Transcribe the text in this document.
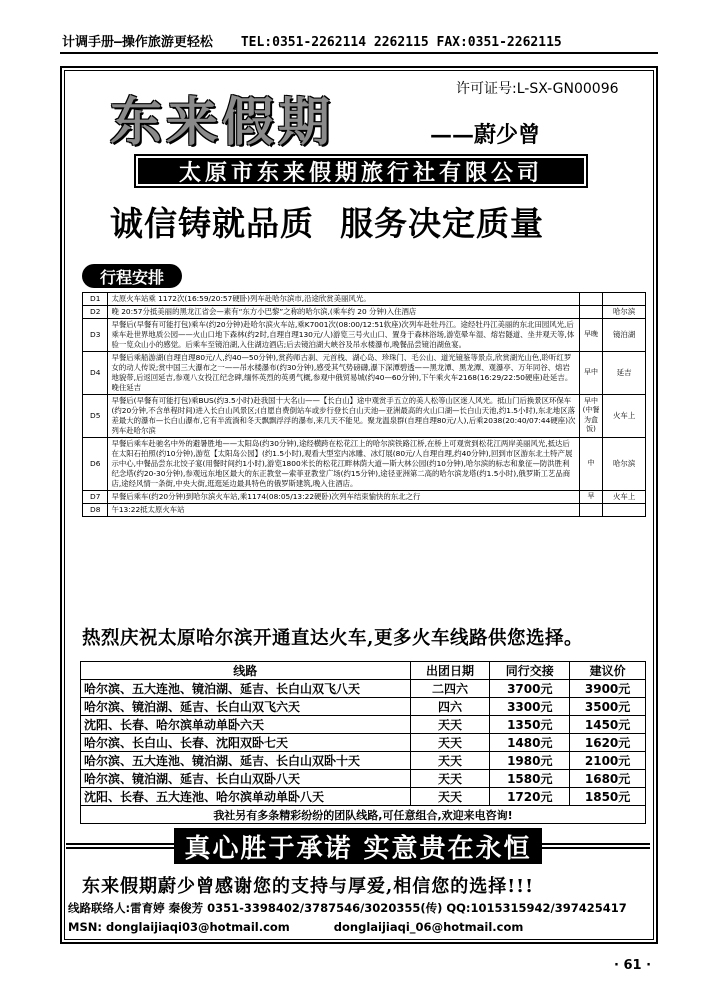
计调手册—操作旅游更轻松 TEL:0351-2262114 2262115 FAX:0351-2262115
许可证号:L-SX-GN00096
东来假期	——蔚少曾
太原市东来假期旅行社有限公司
诚信铸就品质 服务决定质量
行程安排
D1	太原火车站乘 1172次(16:59/20:57硬卧)列车赴哈尔滨市,沿途欣赏美丽风光。		
D2	晚 20:57分抵美丽的黑龙江省会—素有“东方小巴黎”之称的哈尔滨,(乘车约 20 分钟)入住酒店		哈尔滨
D3	早餐后(早餐有可能打包)乘车(约20分钟)赴哈尔滨火车站,乘K7001次(08:00/12:51软座)次列车赴牡丹江。途经牡丹江美丽的东北田园风光,后乘车赴世界地质公园——火山口地下森林(约2时,自理自理130元/人)游览三号火山口、置身于森林浴场,游览晕车湿、熔岩隧道、坐井观天等,体验一览众山小的感觉。后乘车至镜泊湖,入住湖边酒店;后去镜泊湖大峡谷及吊水楼瀑布,晚餐品尝镜泊湖鱼宴。	早晚	镜泊湖
D4	早餐后乘船游湖(自理自理80元/人,约40—50分钟),赏药师古刹、元首栈、湖心岛、珍珠门、毛公山、道光镜鉴等景点,欣赏湖光山色,聆听红罗女的动人传说;赏中国三大瀑布之一——吊水楼瀑布(约30分钟),感受其气势磅礴,瀑下深潭碧透——黑龙潭、黑龙潭、观瀑亭、万年同谷、熔岩地貌带,后返回延吉,参观八女投江纪念碑,缅怀英烈的英勇气概,参观中俄贸易城(约40—60分钟),下午乘火车2168(16:29/22:50硬座)赴延吉。晚住延吉	早中	延吉
D5	早餐后(早餐有可能打包)乘BUS(约3.5小时)赴我国十大名山——【长白山】途中观赏手五立的美人松等山区迷人风光。抵山门后换景区环保车(约20分钟,不含单程时间)进入长白山风景区;(自愿自费倒站车或步行登长白山天池—亚洲最高的火山口湖—长白山天池,约1.5小时),东北地区落差最大的瀑布—长白山瀑布,它有半流淌和冬天飘飘浮浮的瀑布,来几天不能见。聚龙温泉群(自理自理80元/人),后乘2038(20:40/07:44硬座)次列车赴哈尔滨	早中(中餐为盒饭)	火车上
D6	早餐后乘车赴驰名中外的避暑胜地——太阳岛(约30分钟),途经横跨在松花江上的哈尔滨铁路江桥,在桥上可观赏到松花江两岸美丽风光,抵达后在太阳石拍照(约10分钟),游览【太阳岛公园】(约1.5小时),观看大型室内冰雕、冰灯展(80元/人自理自理,约40分钟),回到市区游东北土特产展示中心,中餐品尝东北饺子宴(用餐时间约1小时),游览1800米长的松花江畔林荫大道—斯大林公园(约10分钟),哈尔滨的标志和象征—防洪胜利纪念塔(约20-30分钟),参观远东地区最大的东正教堂—索菲亚教堂广场(约15分钟),途径亚洲第二高的哈尔滨龙塔(约1.5小时),俄罗斯工艺品商店,途经风情一条街,中央大街,逛逛延边最具特色的俄罗斯建筑,晚入住酒店。	中	哈尔滨
D7	早餐后乘车(约20分钟)到哈尔滨火车站,乘1174(08:05/13:22硬卧)次列车结束愉快的东北之行	早	火车上
D8	午13:22抵太原火车站		
热烈庆祝太原哈尔滨开通直达火车,更多火车线路供您选择。
线路	出团日期	同行交接	建议价
哈尔滨、五大连池、镜泊湖、延吉、长白山双飞八天	二四六	3700元	3900元
哈尔滨、镜泊湖、延吉、长白山双飞六天	四六	3300元	3500元
沈阳、长春、哈尔滨单动单卧六天	天天	1350元	1450元
哈尔滨、长白山、长春、沈阳双卧七天	天天	1480元	1620元
哈尔滨、五大连池、镜泊湖、延吉、长白山双卧十天	天天	1980元	2100元
哈尔滨、镜泊湖、延吉、长白山双卧八天	天天	1580元	1680元
沈阳、长春、五大连池、哈尔滨单动单卧八天	天天	1720元	1850元
我社另有多条精彩纷纷的团队线路,可任意组合,欢迎来电咨询!			
真心胜于承诺 实意贵在永恒
东来假期蔚少曾感谢您的支持与厚爱,相信您的选择!!!
线路联络人:雷育婷 秦俊芳 0351-3398402/3787546/3020355(传) QQ:1015315942/397425417
MSN: donglaijiaqi03@hotmail.com	donglaijiaqi_06@hotmail.com
· 61 ·
